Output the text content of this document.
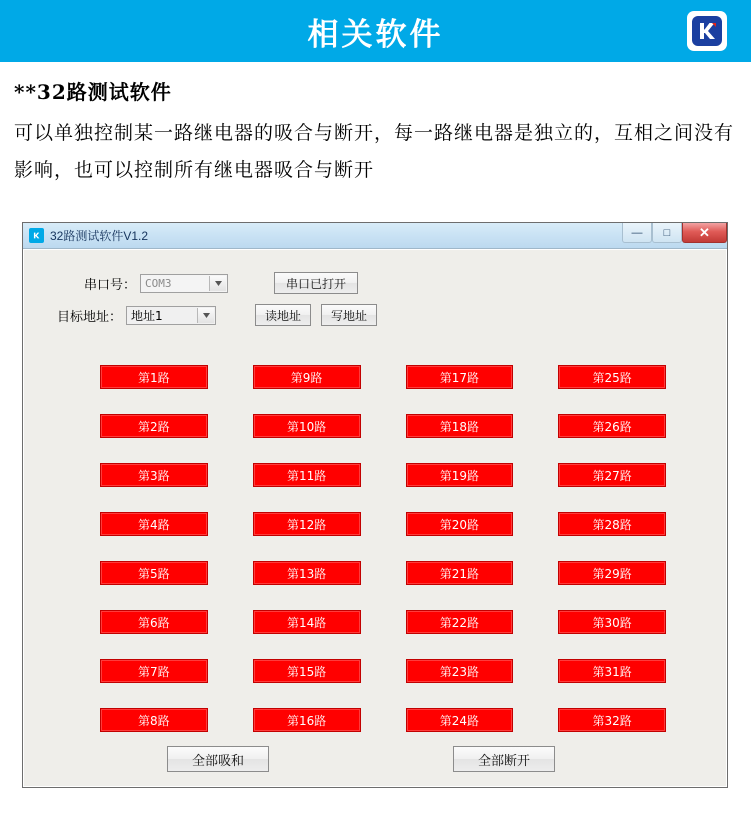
相关软件
**32路测试软件
可以单独控制某一路继电器的吸合与断开，每一路继电器是独立的，互相之间没有影响，也可以控制所有继电器吸合与断开
32路测试软件V1.2	—	□	✕
串口号： COM3	串口已打开
目标地址： 地址1	读地址	写地址
第1路	第9路	第17路	第25路
第2路	第10路	第18路	第26路
第3路	第11路	第19路	第27路
第4路	第12路	第20路	第28路
第5路	第13路	第21路	第29路
第6路	第14路	第22路	第30路
第7路	第15路	第23路	第31路
第8路	第16路	第24路	第32路
全部吸和	全部断开
